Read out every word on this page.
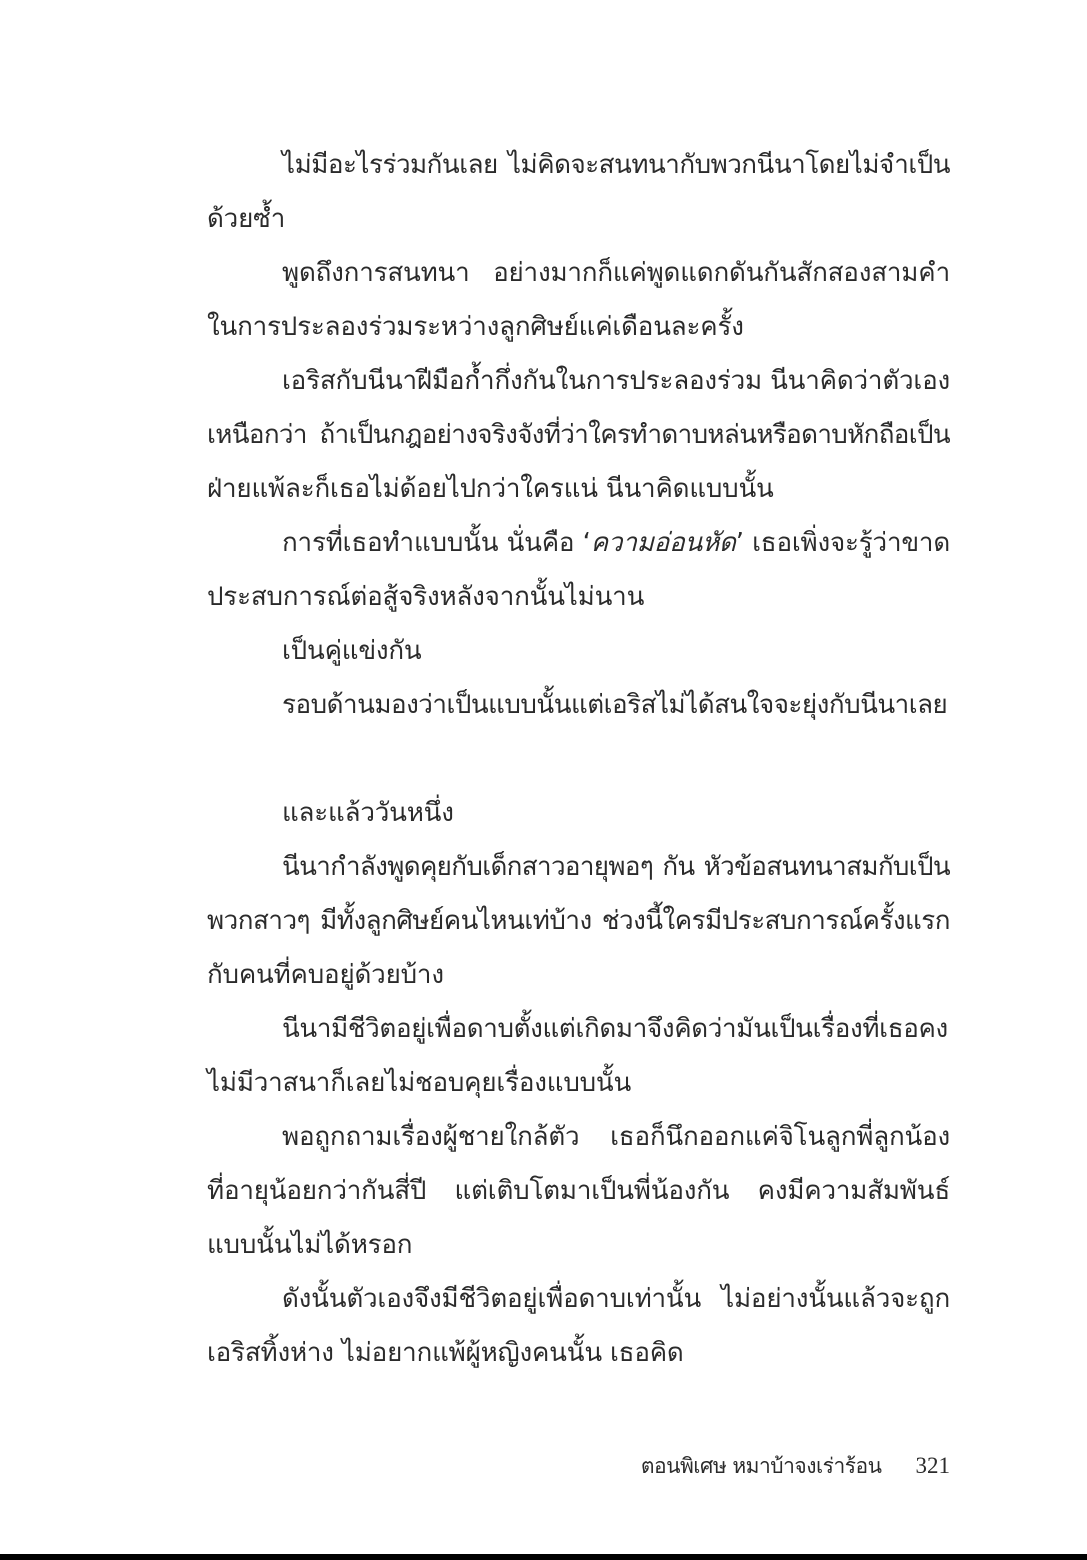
ไม่มีอะไรร่วมกันเลย ไม่คิดจะสนทนากับพวกนีนาโดยไม่จำเป็น
ด้วยซ้ำ
พูดถึงการสนทนา อย่างมากก็แค่พูดแดกดันกันสักสองสามคำ
ในการประลองร่วมระหว่างลูกศิษย์แค่เดือนละครั้ง
เอริสกับนีนาฝีมือก้ำกึ่งกันในการประลองร่วม นีนาคิดว่าตัวเอง
เหนือกว่า ถ้าเป็นกฎอย่างจริงจังที่ว่าใครทำดาบหล่นหรือดาบหักถือเป็น
ฝ่ายแพ้ละก็เธอไม่ด้อยไปกว่าใครแน่ นีนาคิดแบบนั้น
การที่เธอทำแบบนั้น นั่นคือ ‘ความอ่อนหัด’ เธอเพิ่งจะรู้ว่าขาด
ประสบการณ์ต่อสู้จริงหลังจากนั้นไม่นาน
เป็นคู่แข่งกัน
รอบด้านมองว่าเป็นแบบนั้นแต่เอริสไม่ได้สนใจจะยุ่งกับนีนาเลย
และแล้ววันหนึ่ง
นีนากำลังพูดคุยกับเด็กสาวอายุพอๆ กัน หัวข้อสนทนาสมกับเป็น
พวกสาวๆ มีทั้งลูกศิษย์คนไหนเท่บ้าง ช่วงนี้ใครมีประสบการณ์ครั้งแรก
กับคนที่คบอยู่ด้วยบ้าง
นีนามีชีวิตอยู่เพื่อดาบตั้งแต่เกิดมาจึงคิดว่ามันเป็นเรื่องที่เธอคง
ไม่มีวาสนาก็เลยไม่ชอบคุยเรื่องแบบนั้น
พอถูกถามเรื่องผู้ชายใกล้ตัว เธอก็นึกออกแค่จิโนลูกพี่ลูกน้อง
ที่อายุน้อยกว่ากันสี่ปี แต่เติบโตมาเป็นพี่น้องกัน คงมีความสัมพันธ์
แบบนั้นไม่ได้หรอก
ดังนั้นตัวเองจึงมีชีวิตอยู่เพื่อดาบเท่านั้น ไม่อย่างนั้นแล้วจะถูก
เอริสทิ้งห่าง ไม่อยากแพ้ผู้หญิงคนนั้น เธอคิด
ตอนพิเศษ หมาบ้าจงเร่าร้อน 321
